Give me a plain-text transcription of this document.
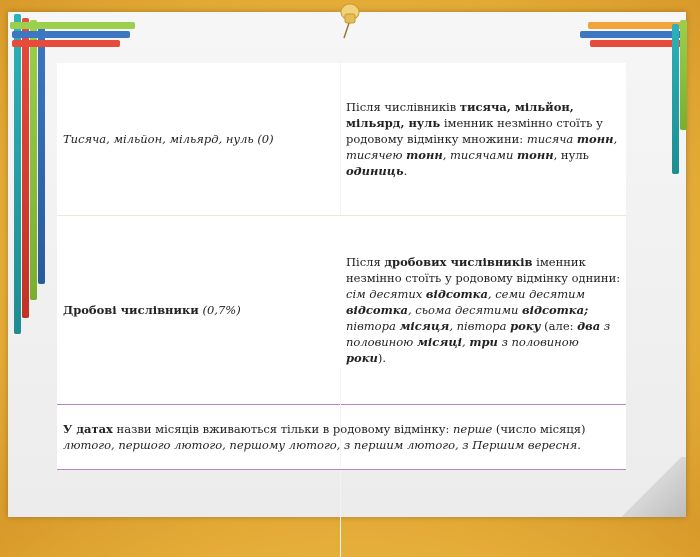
Тисяча, мільйон, мільярд, нуль (0)
Після числівників тисяча, мільйон, мільярд, нуль іменник незмінно стоїть у родовому відмінку множини: тисяча тонн, тисячею тонн, тисячами тонн, нуль одиниць.
Дробові числівники (0,7%)
Після дробових числівників іменник незмінно стоїть у родовому відмінку однини: сім десятих відсотка, семи десятим відсотка, сьома десятими відсотка; півтора місяця, півтора року (але: два з половиною місяці, три з половиною роки).
У датах назви місяців вживаються тільки в родовому відмінку: перше (число місяця) лютого, першого лютого, першому лютого, з першим лютого, з Першим вересня.
